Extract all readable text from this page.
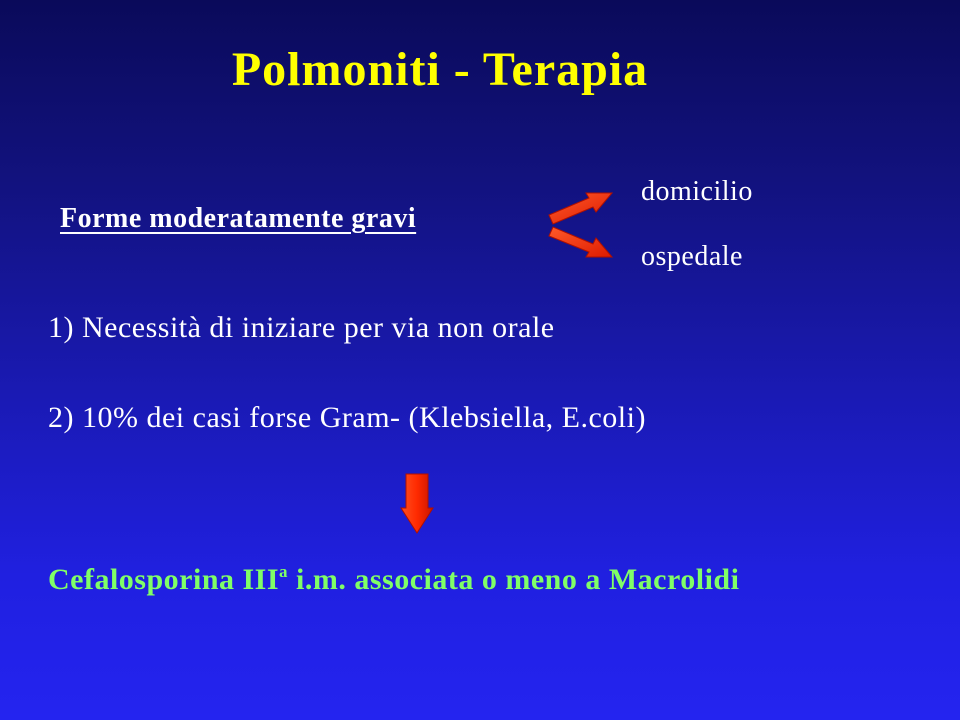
Polmoniti - Terapia
Forme moderatamente gravi
domicilio
ospedale
1) Necessità di iniziare per via non orale
2) 10% dei casi forse Gram- (Klebsiella, E.coli)
Cefalosporina III$^a$ i.m. associata o meno a Macrolidi
